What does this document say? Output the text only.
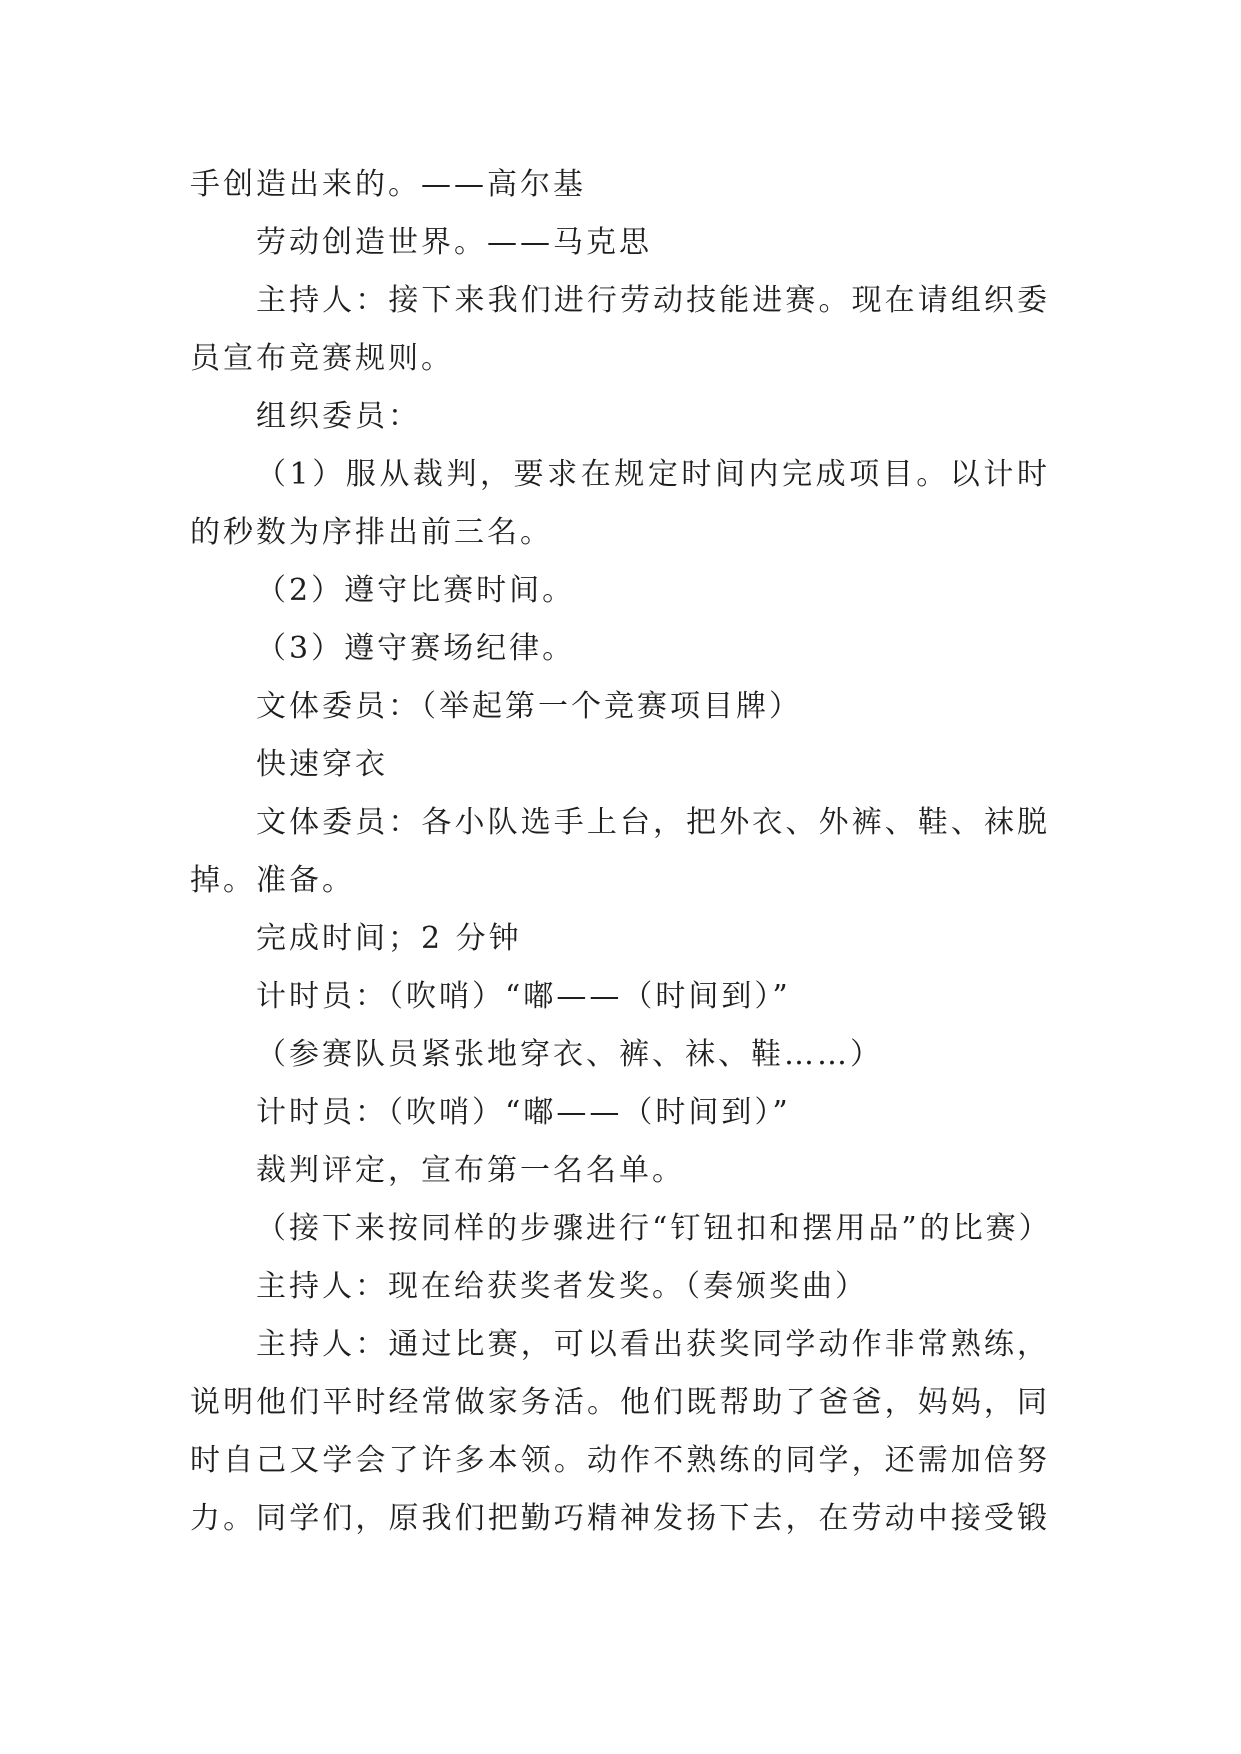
手创造出来的。——高尔基
劳动创造世界。——马克思
主持人：接下来我们进行劳动技能进赛。现在请组织委
员宣布竞赛规则。
组织委员：
（1）服从裁判，要求在规定时间内完成项目。以计时
的秒数为序排出前三名。
（2）遵守比赛时间。
（3）遵守赛场纪律。
文体委员：（举起第一个竞赛项目牌）
快速穿衣
文体委员：各小队选手上台，把外衣、外裤、鞋、袜脱
掉。准备。
完成时间；2 分钟
计时员：（吹哨）“嘟——（时间到）”
（参赛队员紧张地穿衣、裤、袜、鞋……）
计时员：（吹哨）“嘟——（时间到）”
裁判评定，宣布第一名名单。
（接下来按同样的步骤进行“钉钮扣和摆用品”的比赛）
主持人：现在给获奖者发奖。（奏颁奖曲）
主持人：通过比赛，可以看出获奖同学动作非常熟练，
说明他们平时经常做家务活。他们既帮助了爸爸，妈妈，同
时自己又学会了许多本领。动作不熟练的同学，还需加倍努
力。同学们，原我们把勤巧精神发扬下去，在劳动中接受锻
